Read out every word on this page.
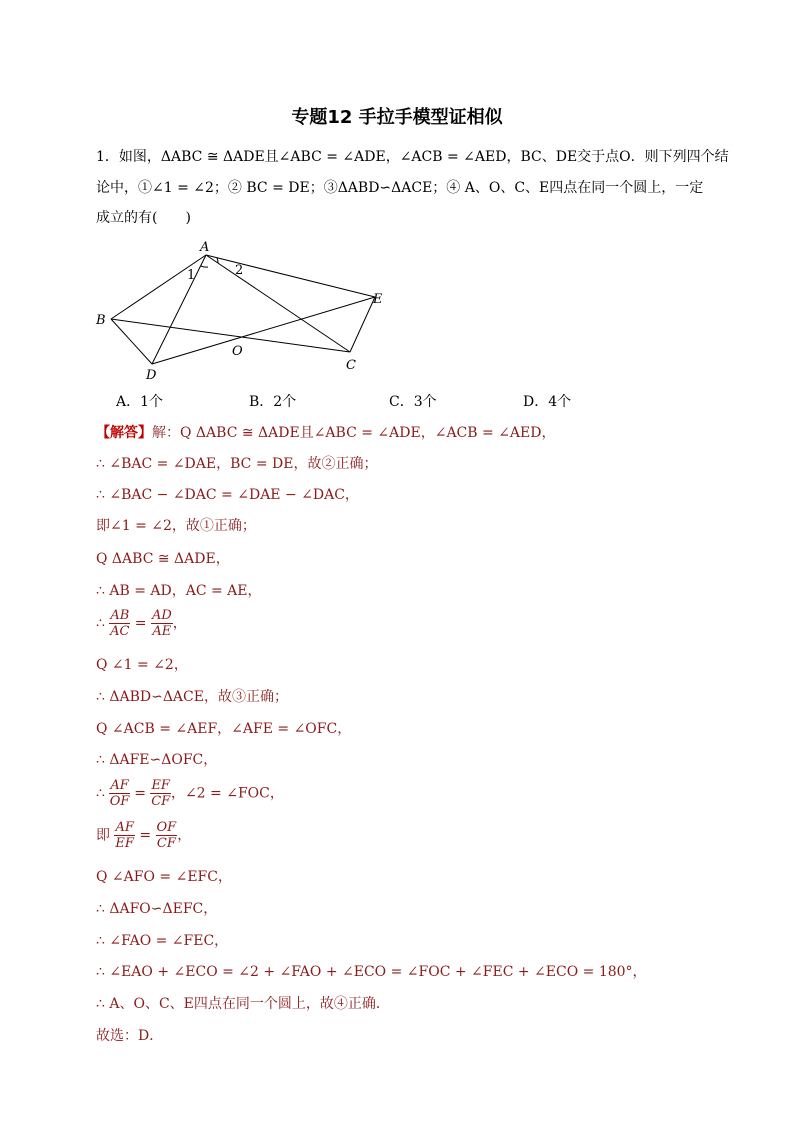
专题12 手拉手模型证相似
1．如图，ΔABC ≅ ΔADE且∠ABC = ∠ADE，∠ACB = ∠AED，BC、DE交于点O．则下列四个结
论中，①∠1 = ∠2；② BC = DE；③ΔABD∽ΔACE；④ A、O、C、E四点在同一个圆上，一定
成立的有(　　)
A
B
D
C
E
O
1	2
A．1个	B．2个	C．3个	D．4个
【解答】解：Q ΔABC ≅ ΔADE且∠ABC = ∠ADE，∠ACB = ∠AED，
∴ ∠BAC = ∠DAE，BC = DE，故②正确；
∴ ∠BAC − ∠DAC = ∠DAE − ∠DAC，
即∠1 = ∠2，故①正确；
Q ΔABC ≅ ΔADE，
∴ AB = AD，AC = AE，
∴ $\frac{AB}{AC} = \frac{AD}{AE}$ ，
Q ∠1 = ∠2，
∴ ΔABD∽ΔACE，故③正确；
Q ∠ACB = ∠AEF，∠AFE = ∠OFC，
∴ ΔAFE∽ΔOFC，
∴ $\frac{AF}{OF} = \frac{EF}{CF}$ ，∠2 = ∠FOC，
即 $\frac{AF}{EF} = \frac{OF}{CF}$ ，
Q ∠AFO = ∠EFC，
∴ ΔAFO∽ΔEFC，
∴ ∠FAO = ∠FEC，
∴ ∠EAO + ∠ECO = ∠2 + ∠FAO + ∠ECO = ∠FOC + ∠FEC + ∠ECO = 180°，
∴ A、O、C、E四点在同一个圆上，故④正确．
故选：D．
